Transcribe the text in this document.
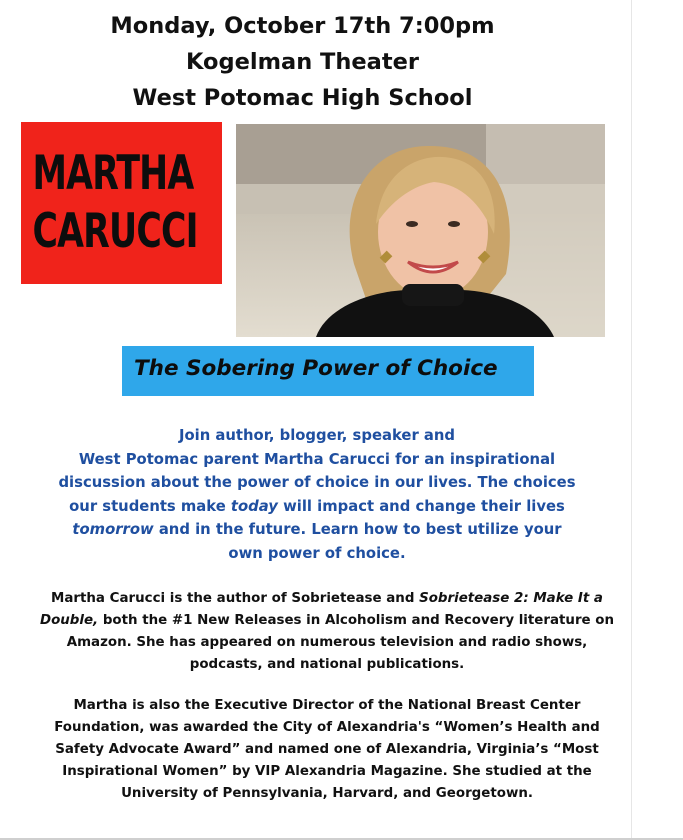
Monday, October 17th 7:00pm
Kogelman Theater
West Potomac High School
MARTHA
CARUCCI
The Sobering Power of Choice
Join author, blogger, speaker and
West Potomac parent Martha Carucci for an inspirational
discussion about the power of choice in our lives. The choices
our students make today will impact and change their lives
tomorrow and in the future. Learn how to best utilize your
own power of choice.
Martha Carucci is the author of Sobrietease and Sobrietease 2: Make It a
Double, both the #1 New Releases in Alcoholism and Recovery literature on
Amazon. She has appeared on numerous television and radio shows,
podcasts, and national publications.
Martha is also the Executive Director of the National Breast Center
Foundation, was awarded the City of Alexandria's “Women’s Health and
Safety Advocate Award” and named one of Alexandria, Virginia’s “Most
Inspirational Women” by VIP Alexandria Magazine. She studied at the
University of Pennsylvania, Harvard, and Georgetown.
